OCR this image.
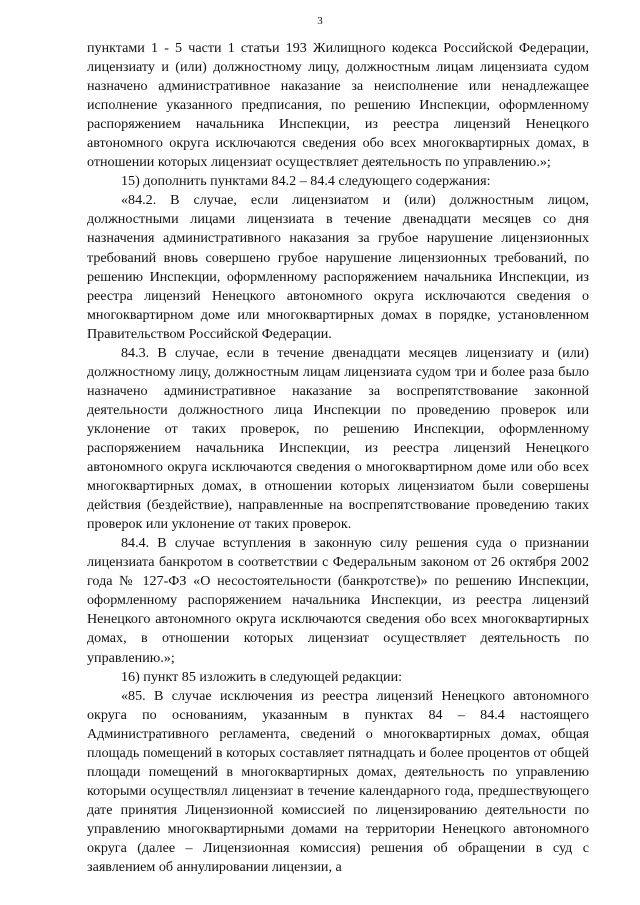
3

пунктами 1 - 5 части 1 статьи 193 Жилищного кодекса Российской Федерации, лицензиату и (или) должностному лицу, должностным лицам лицензиата судом назначено административное наказание за неисполнение или ненадлежащее исполнение указанного предписания, по решению Инспекции, оформленному распоряжением начальника Инспекции, из реестра лицензий Ненецкого автономного округа исключаются сведения обо всех многоквартирных домах, в отношении которых лицензиат осуществляет деятельность по управлению.»;

15) дополнить пунктами 84.2 – 84.4 следующего содержания:

«84.2. В случае, если лицензиатом и (или) должностным лицом, должностными лицами лицензиата в течение двенадцати месяцев со дня назначения административного наказания за грубое нарушение лицензионных требований вновь совершено грубое нарушение лицензионных требований, по решению Инспекции, оформленному распоряжением начальника Инспекции, из реестра лицензий Ненецкого автономного округа исключаются сведения о многоквартирном доме или многоквартирных домах в порядке, установленном Правительством Российской Федерации.

84.3. В случае, если в течение двенадцати месяцев лицензиату и (или) должностному лицу, должностным лицам лицензиата судом три и более раза было назначено административное наказание за воспрепятствование законной деятельности должностного лица Инспекции по проведению проверок или уклонение от таких проверок, по решению Инспекции, оформленному распоряжением начальника Инспекции, из реестра лицензий Ненецкого автономного округа исключаются сведения о многоквартирном доме или обо всех многоквартирных домах, в отношении которых лицензиатом были совершены действия (бездействие), направленные на воспрепятствование проведению таких проверок или уклонение от таких проверок.

84.4. В случае вступления в законную силу решения суда о признании лицензиата банкротом в соответствии с Федеральным законом от 26 октября 2002 года № 127-ФЗ «О несостоятельности (банкротстве)» по решению Инспекции, оформленному распоряжением начальника Инспекции, из реестра лицензий Ненецкого автономного округа исключаются сведения обо всех многоквартирных домах, в отношении которых лицензиат осуществляет деятельность по управлению.»;

16) пункт 85 изложить в следующей редакции:

«85. В случае исключения из реестра лицензий Ненецкого автономного округа по основаниям, указанным в пунктах 84 – 84.4 настоящего Административного регламента, сведений о многоквартирных домах, общая площадь помещений в которых составляет пятнадцать и более процентов от общей площади помещений в многоквартирных домах, деятельность по управлению которыми осуществлял лицензиат в течение календарного года, предшествующего дате принятия Лицензионной комиссией по лицензированию деятельности по управлению многоквартирными домами на территории Ненецкого автономного округа (далее – Лицензионная комиссия) решения об обращении в суд с заявлением об аннулировании лицензии, а
